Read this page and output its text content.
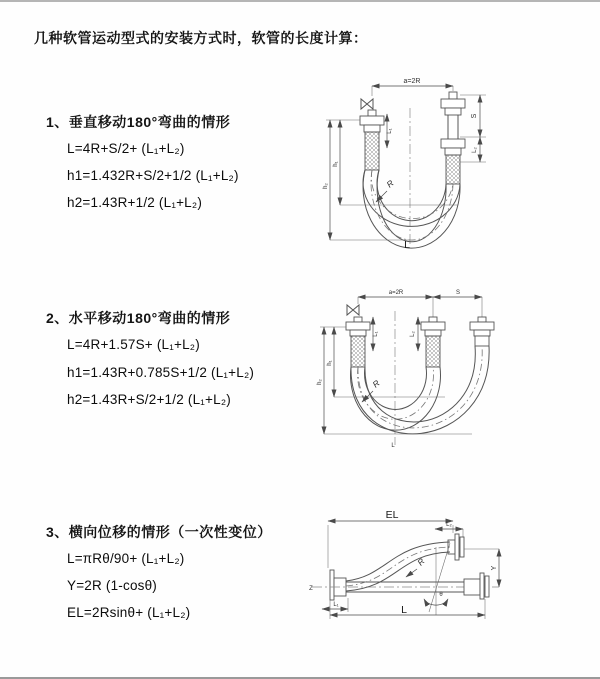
几种软管运动型式的安装方式时，软管的长度计算：
1、垂直移动180°弯曲的情形
L=4R+S/2+ (L₁+L₂)
h1=1.432R+S/2+1/2 (L₁+L₂)
h2=1.43R+1/2 (L₁+L₂)
2、水平移动180°弯曲的情形
L=4R+1.57S+ (L₁+L₂)
h1=1.43R+0.785S+1/2 (L₁+L₂)
h2=1.43R+S/2+1/2 (L₁+L₂)
3、横向位移的情形（一次性变位）
L=πRθ/90+ (L₁+L₂)
Y=2R (1-cosθ)
EL=2Rsinθ+ (L₁+L₂)
a=2R
S
L₂
h₁
h₂
L₁
R
L
a=2R	S
L₁	L₂
h₁
h₂	R
L
EL
L₂
Y
Z
θ
R
L
L₁
